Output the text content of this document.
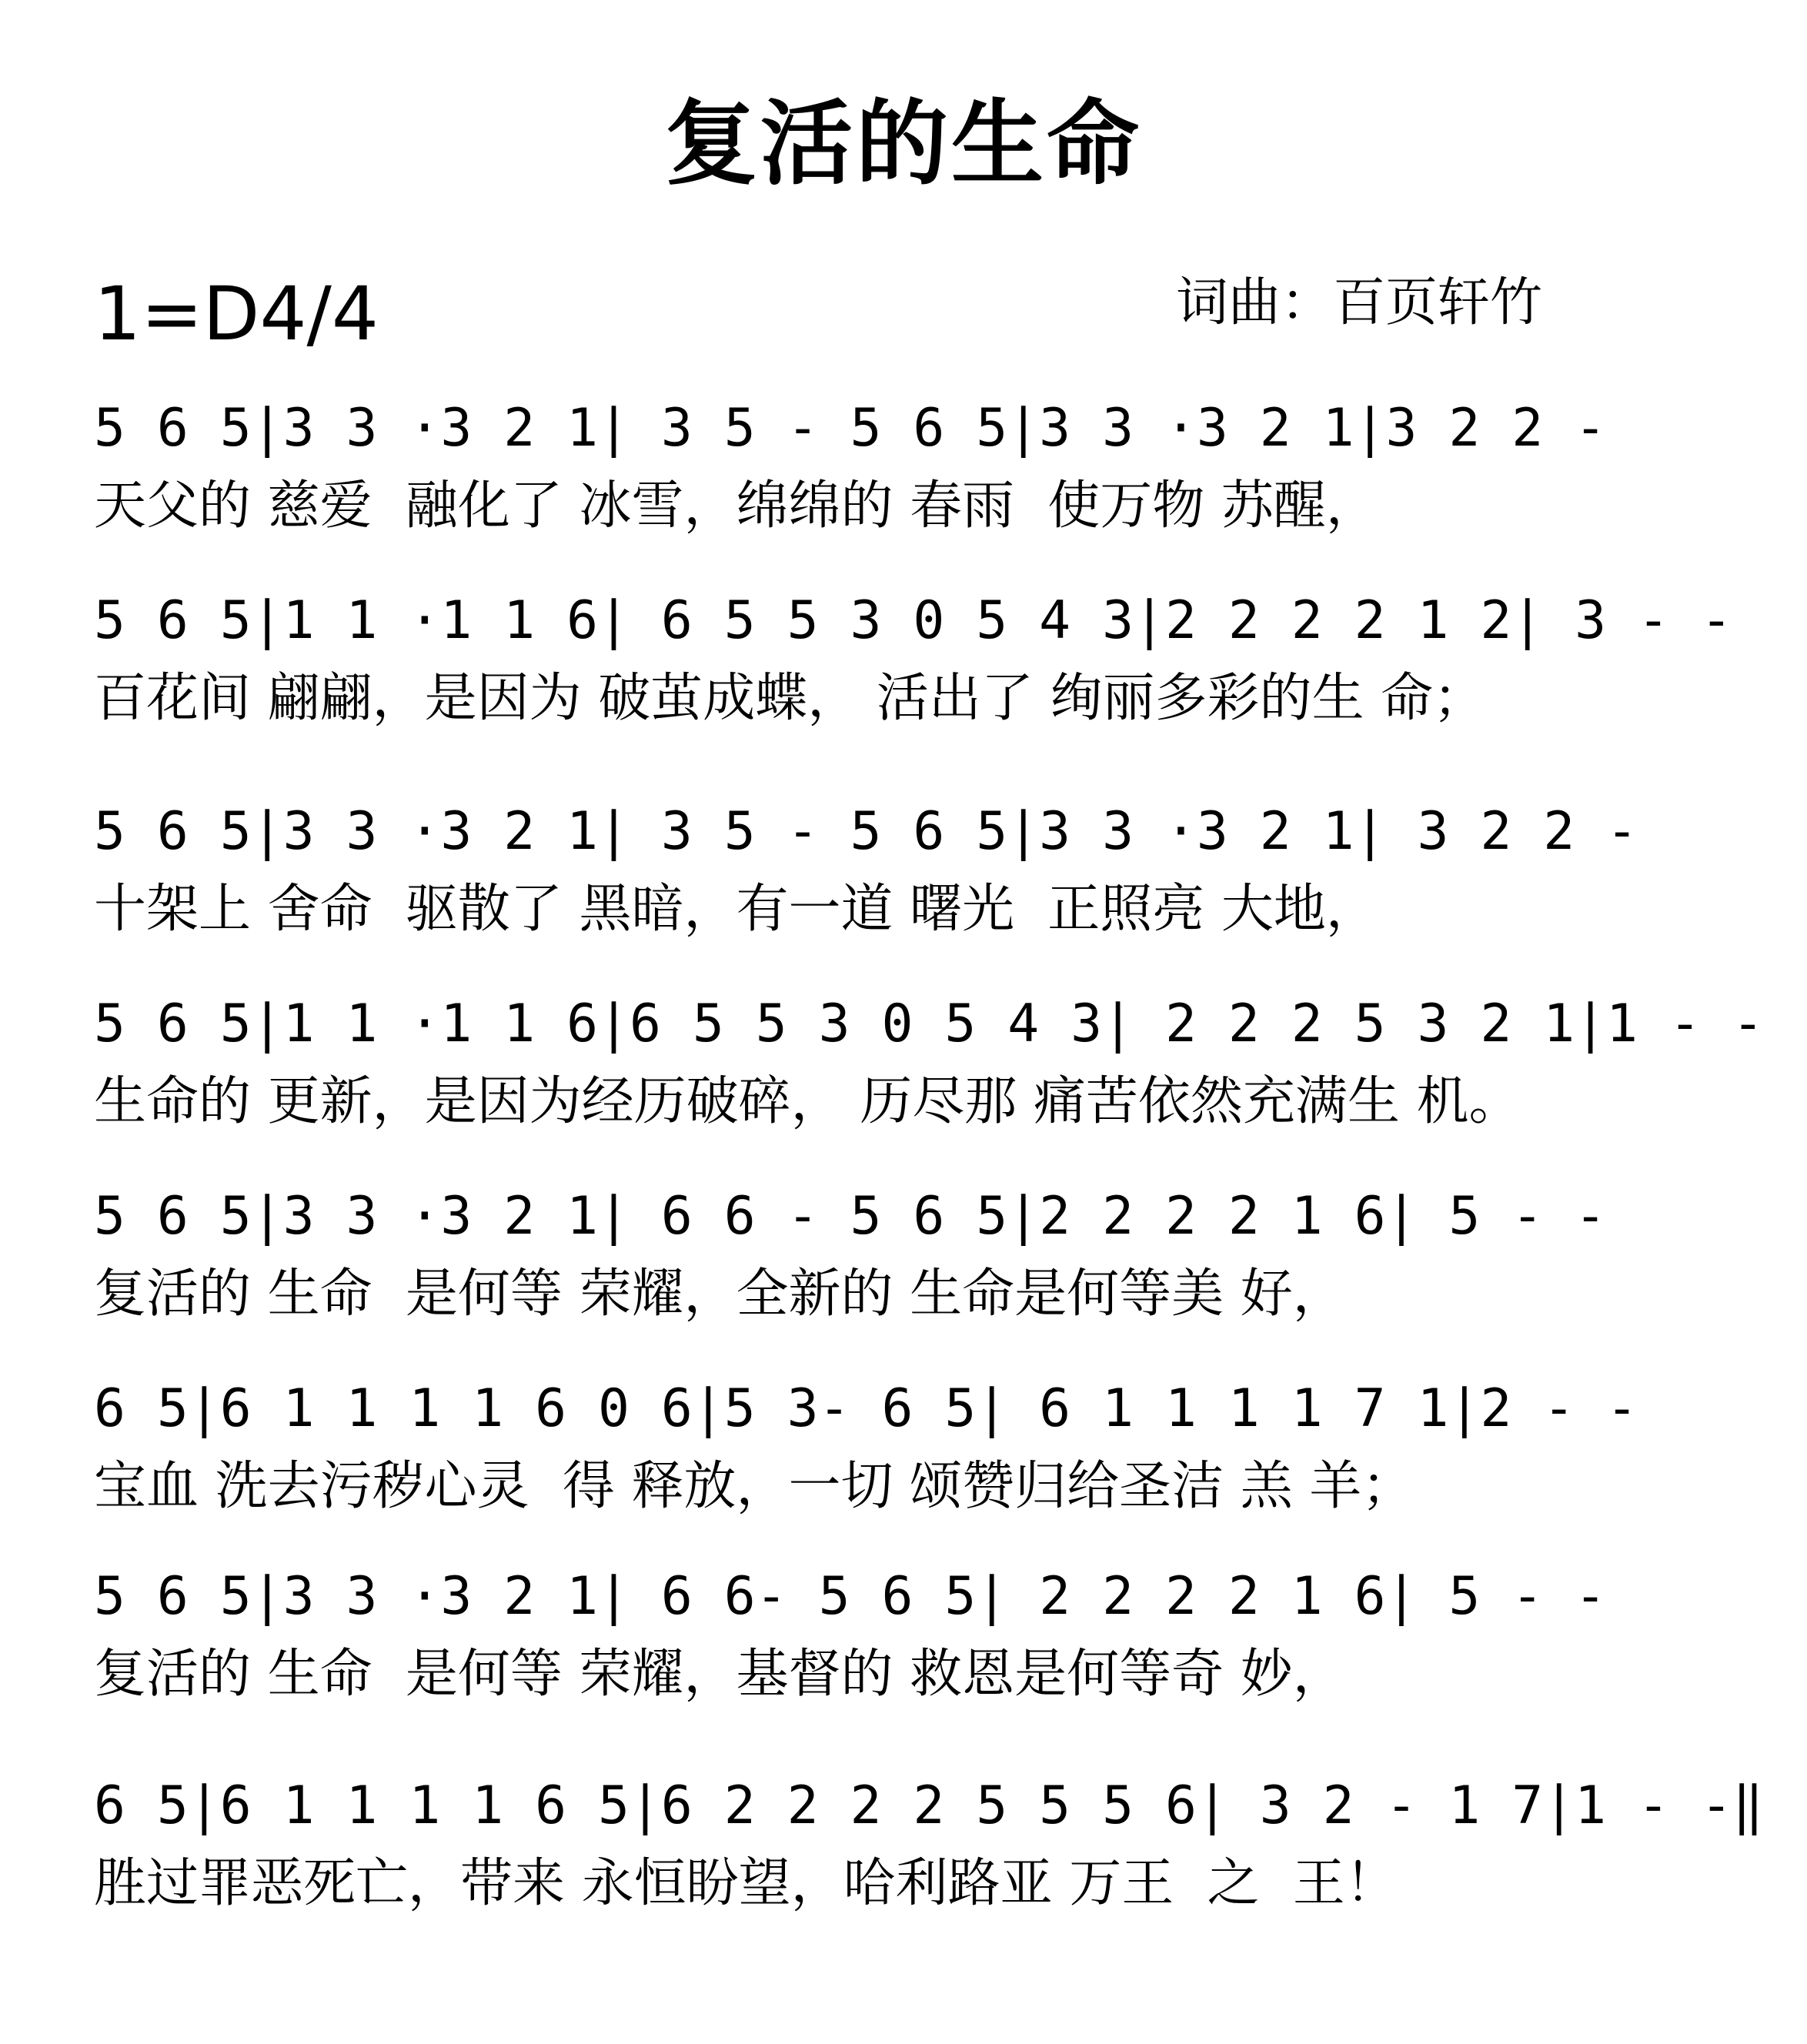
复活的生命
1=D4/4	词曲：百页轩竹
5 6 5|3 3 ·3 2 1| 3 5 - 5 6 5|3 3 ·3 2 1|3 2 2 -
天父的 慈爱  融化了 冰雪，绵绵的 春雨  使万物 苏醒，
5 6 5|1 1 ·1 1 6| 6 5 5 3 0 5 4 3|2 2 2 2 1 2| 3 - -
百花间 翩翩，是因为 破茧成蝶， 活出了 绚丽多彩的生 命；
5 6 5|3 3 ·3 2 1| 3 5 - 5 6 5|3 3 ·3 2 1| 3 2 2 -
十架上 舍命  驱散了 黑暗，有一道 曙光  正照亮 大地，
5 6 5|1 1 ·1 1 6|6 5 5 3 0 5 4 3| 2 2 2 5 3 2 1|1 - -
生命的 更新，是因为经历破碎， 历尽那 痛苦依然充满生 机。
5 6 5|3 3 ·3 2 1| 6 6 - 5 6 5|2 2 2 2 1 6| 5 - -
复活的 生命  是何等 荣耀，全新的 生命是何等美 好，
6 5|6 1 1 1 1 6 0 6|5 3- 6 5| 6 1 1 1 1 7 1|2 - -
宝血 洗去污秽心灵  得 释放，一切 颂赞归给圣洁 羔 羊；
5 6 5|3 3 ·3 2 1| 6 6- 5 6 5| 2 2 2 2 1 6| 5 - -
复活的 生命  是何等 荣耀，基督的 救恩是何等奇 妙，
6 5|6 1 1 1 1 6 5|6 2 2 2 2 5 5 5 6| 3 2 - 1 7|1 - -‖
胜过罪恶死亡，带来 永恒盼望，哈利路亚 万王  之  王！
